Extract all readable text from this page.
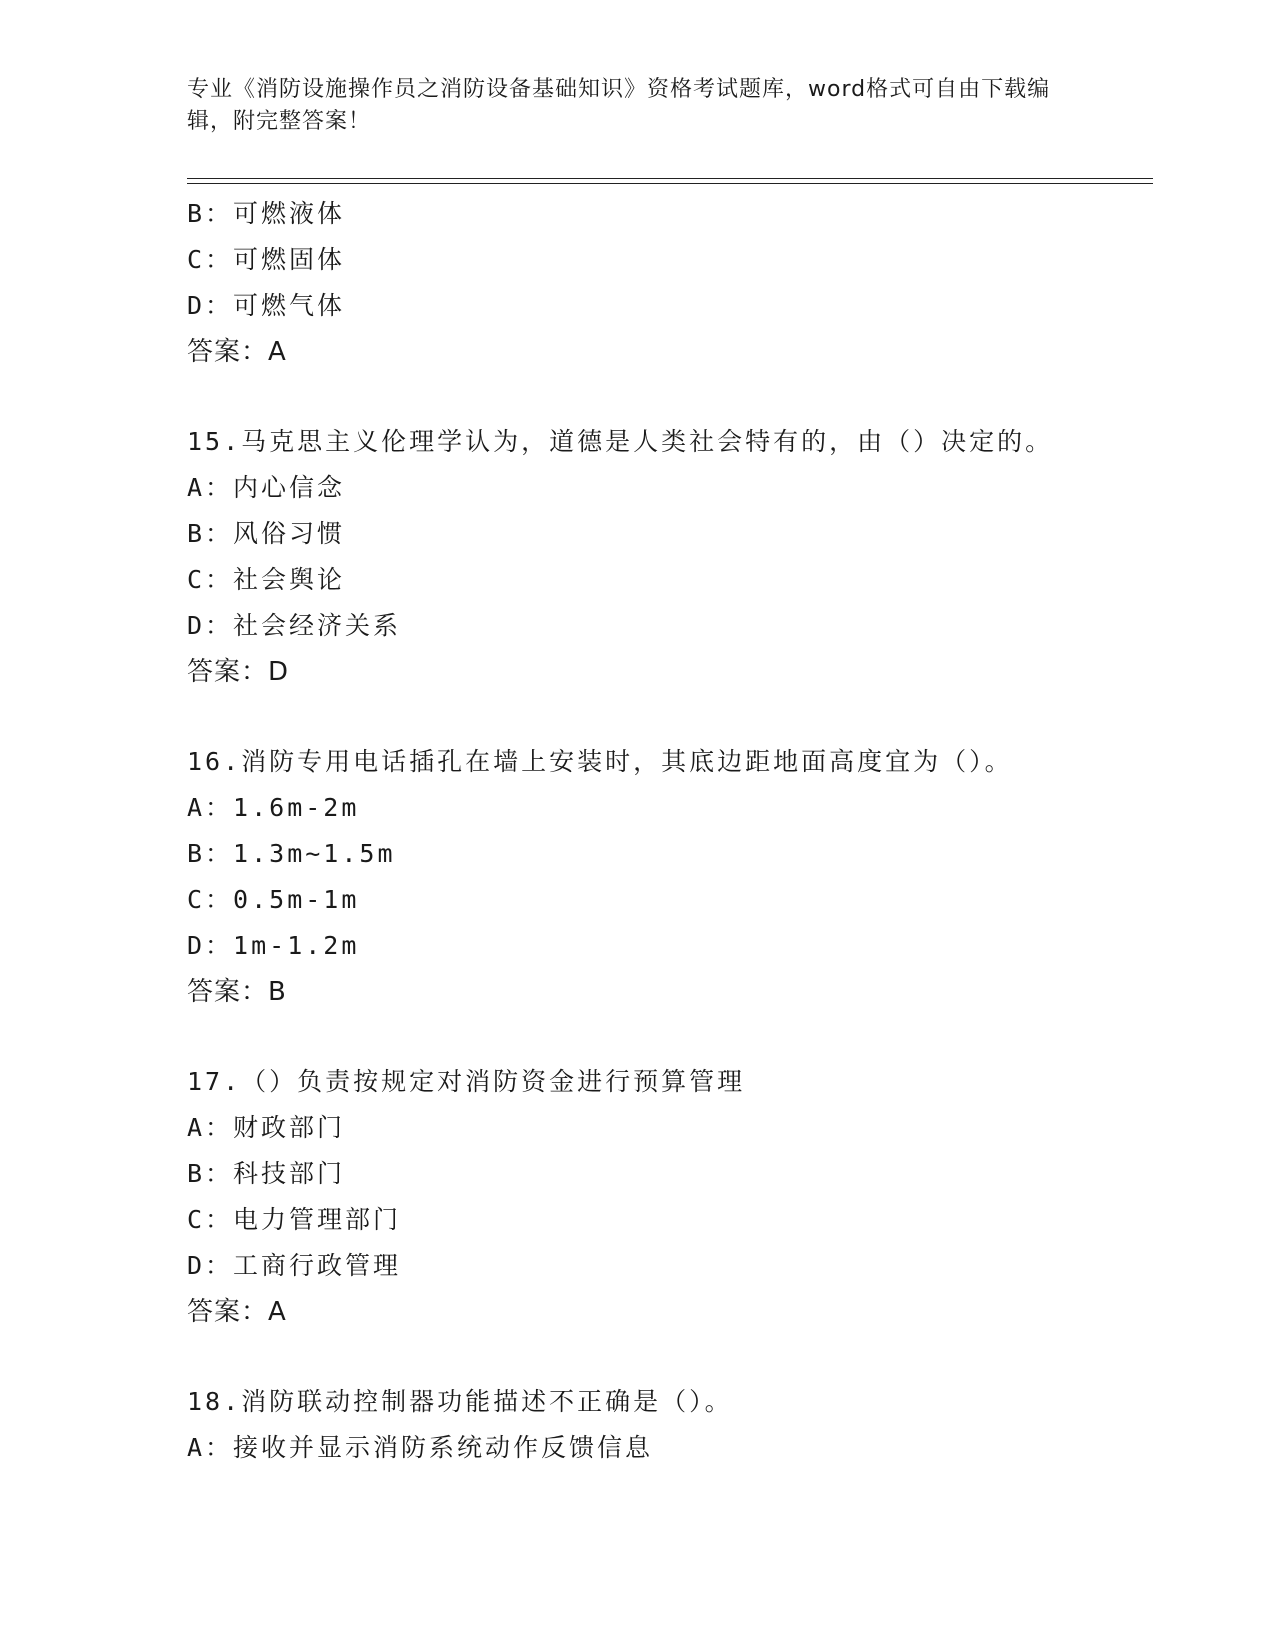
专业《消防设施操作员之消防设备基础知识》资格考试题库，word格式可自由下载编辑，附完整答案！
B：可燃液体
C：可燃固体
D：可燃气体
答案：A
15.马克思主义伦理学认为，道德是人类社会特有的，由（）决定的。
A：内心信念
B：风俗习惯
C：社会舆论
D：社会经济关系
答案：D
16.消防专用电话插孔在墙上安装时，其底边距地面高度宜为（）。
A：1.6m-2m
B：1.3m~1.5m
C：0.5m-1m
D：1m-1.2m
答案：B
17.（）负责按规定对消防资金进行预算管理
A：财政部门
B：科技部门
C：电力管理部门
D：工商行政管理
答案：A
18.消防联动控制器功能描述不正确是（）。
A：接收并显示消防系统动作反馈信息
